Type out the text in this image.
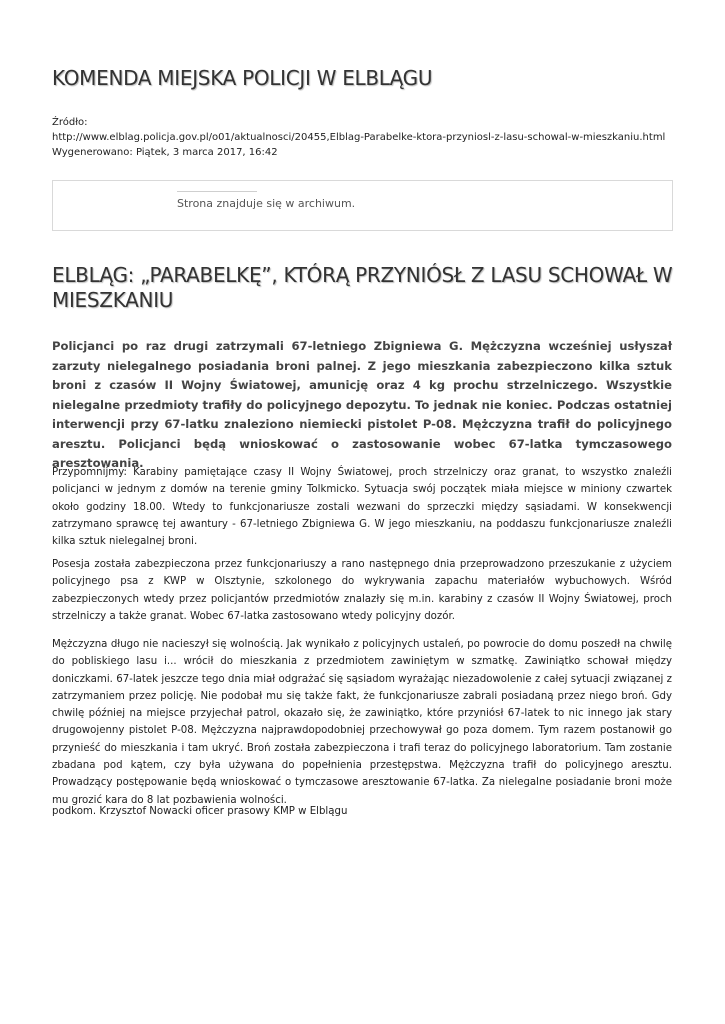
KOMENDA MIEJSKA POLICJI W ELBLĄGU
Źródło:
http://www.elblag.policja.gov.pl/o01/aktualnosci/20455,Elblag-Parabelke-ktora-przyniosl-z-lasu-schowal-w-mieszkaniu.html
Wygenerowano: Piątek, 3 marca 2017, 16:42
Strona znajduje się w archiwum.
ELBLĄG: „PARABELKĘ”, KTÓRĄ PRZYNIÓSŁ Z LASU SCHOWAŁ W MIESZKANIU

Policjanci po raz drugi zatrzymali 67-letniego Zbigniewa G. Mężczyzna wcześniej usłyszał zarzuty nielegalnego posiadania broni palnej. Z jego mieszkania zabezpieczono kilka sztuk broni z czasów II Wojny Światowej, amunicję oraz 4 kg prochu strzelniczego. Wszystkie nielegalne przedmioty trafiły do policyjnego depozytu. To jednak nie koniec. Podczas ostatniej interwencji przy 67-latku znaleziono niemiecki pistolet P-08. Mężczyzna trafił do policyjnego aresztu. Policjanci będą wnioskować o zastosowanie wobec 67-latka tymczasowego aresztowania.

Przypomnijmy: Karabiny pamiętające czasy II Wojny Światowej, proch strzelniczy oraz granat, to wszystko znaleźli policjanci w jednym z domów na terenie gminy Tolkmicko. Sytuacja swój początek miała miejsce w miniony czwartek około godziny 18.00. Wtedy to funkcjonariusze zostali wezwani do sprzeczki między sąsiadami. W konsekwencji zatrzymano sprawcę tej awantury - 67-letniego Zbigniewa G. W jego mieszkaniu, na poddaszu funkcjonariusze znaleźli kilka sztuk nielegalnej broni.

Posesja została zabezpieczona przez funkcjonariuszy a rano następnego dnia przeprowadzono przeszukanie z użyciem policyjnego psa z KWP w Olsztynie, szkolonego do wykrywania zapachu materiałów wybuchowych. Wśród zabezpieczonych wtedy przez policjantów przedmiotów znalazły się m.in. karabiny z czasów II Wojny Światowej, proch strzelniczy a także granat. Wobec 67-latka zastosowano wtedy policyjny dozór.

Mężczyzna długo nie nacieszył się wolnością. Jak wynikało z policyjnych ustaleń, po powrocie do domu poszedł na chwilę do pobliskiego lasu i... wrócił do mieszkania z przedmiotem zawiniętym w szmatkę. Zawiniątko schował między doniczkami. 67-latek jeszcze tego dnia miał odgrażać się sąsiadom wyrażając niezadowolenie z całej sytuacji związanej z zatrzymaniem przez policję. Nie podobał mu się także fakt, że funkcjonariusze zabrali posiadaną przez niego broń. Gdy chwilę później na miejsce przyjechał patrol, okazało się, że zawiniątko, które przyniósł 67-latek to nic innego jak stary drugowojenny pistolet P-08. Mężczyzna najprawdopodobniej przechowywał go poza domem. Tym razem postanowił go przynieść do mieszkania i tam ukryć. Broń została zabezpieczona i trafi teraz do policyjnego laboratorium. Tam zostanie zbadana pod kątem, czy była używana do popełnienia przestępstwa. Mężczyzna trafił do policyjnego aresztu. Prowadzący postępowanie będą wnioskować o tymczasowe aresztowanie 67-latka. Za nielegalne posiadanie broni może mu grozić kara do 8 lat pozbawienia wolności.

podkom. Krzysztof Nowacki oficer prasowy KMP w Elblągu
